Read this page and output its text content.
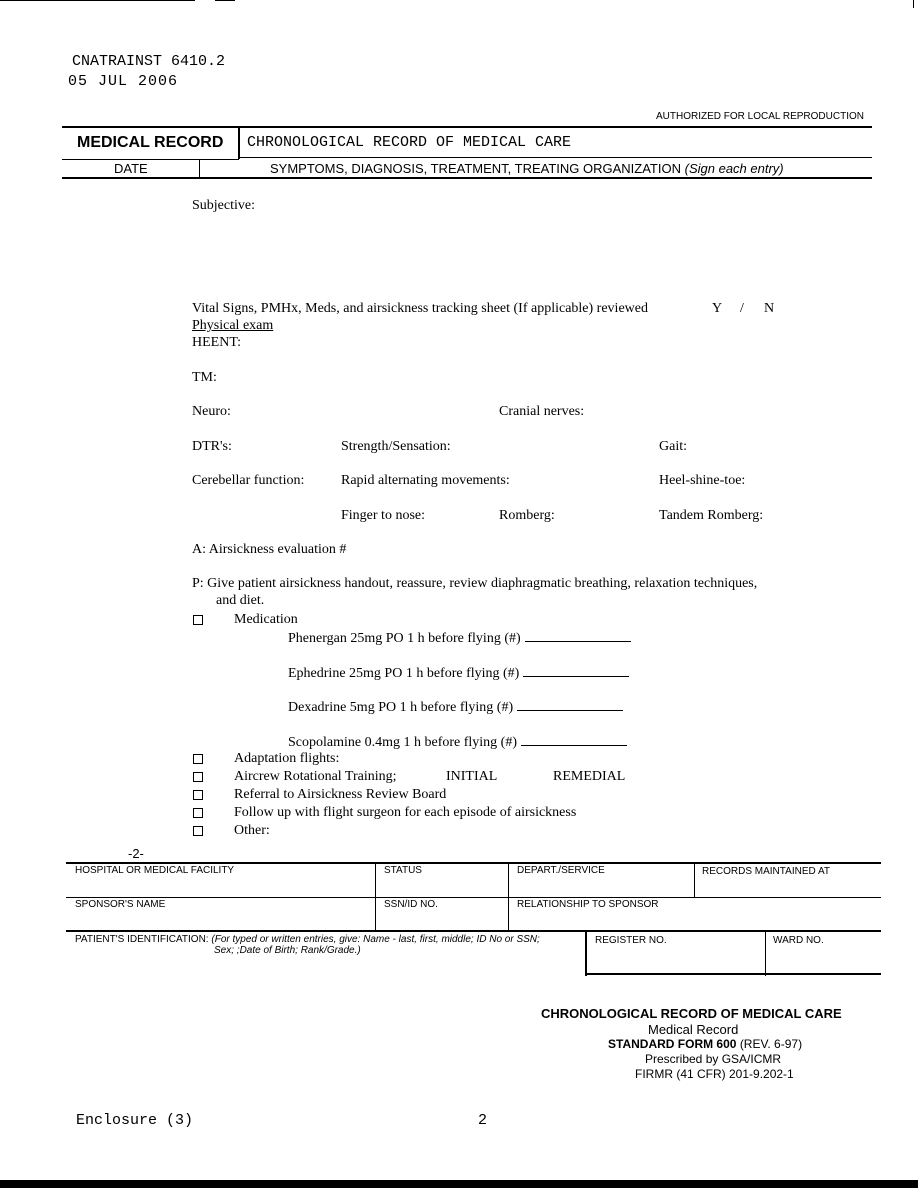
CNATRAINST 6410.2
05 JUL 2006
AUTHORIZED FOR LOCAL REPRODUCTION
MEDICAL RECORD CHRONOLOGICAL RECORD OF MEDICAL CARE
DATE	SYMPTOMS, DIAGNOSIS, TREATMENT, TREATING ORGANIZATION (Sign each entry)
Subjective:
Vital Signs, PMHx, Meds, and airsickness tracking sheet (If applicable) reviewed	Y / N
Physical exam
HEENT:
TM:
Neuro:	Cranial nerves:
DTR's:	Strength/Sensation:	Gait:
Cerebellar function:	Rapid alternating movements:	Heel-shine-toe:
Finger to nose:	Romberg:	Tandem Romberg:
A: Airsickness evaluation #
P: Give patient airsickness handout, reassure, review diaphragmatic breathing, relaxation techniques,
and diet.
Medication
Phenergan 25mg PO 1 h before flying (#)
Ephedrine 25mg PO 1 h before flying (#)
Dexadrine 5mg PO 1 h before flying (#)
Scopolamine 0.4mg 1 h before flying (#)
Adaptation flights:
Aircrew Rotational Training;	INITIAL	REMEDIAL
Referral to Airsickness Review Board
Follow up with flight surgeon for each episode of airsickness
Other:
-2-
HOSPITAL OR MEDICAL FACILITY	STATUS	DEPART./SERVICE	RECORDS MAINTAINED AT
SPONSOR'S NAME	SSN/ID NO.	RELATIONSHIP TO SPONSOR
PATIENT'S IDENTIFICATION: (For typed or written entries, give: Name - last, first, middle; ID No or SSN;
Sex; ;Date of Birth; Rank/Grade.)
REGISTER NO.	WARD NO.
CHRONOLOGICAL RECORD OF MEDICAL CARE
Medical Record
STANDARD FORM 600 (REV. 6-97)
Prescribed by GSA/ICMR
FIRMR (41 CFR) 201-9.202-1
Enclosure (3)	2
